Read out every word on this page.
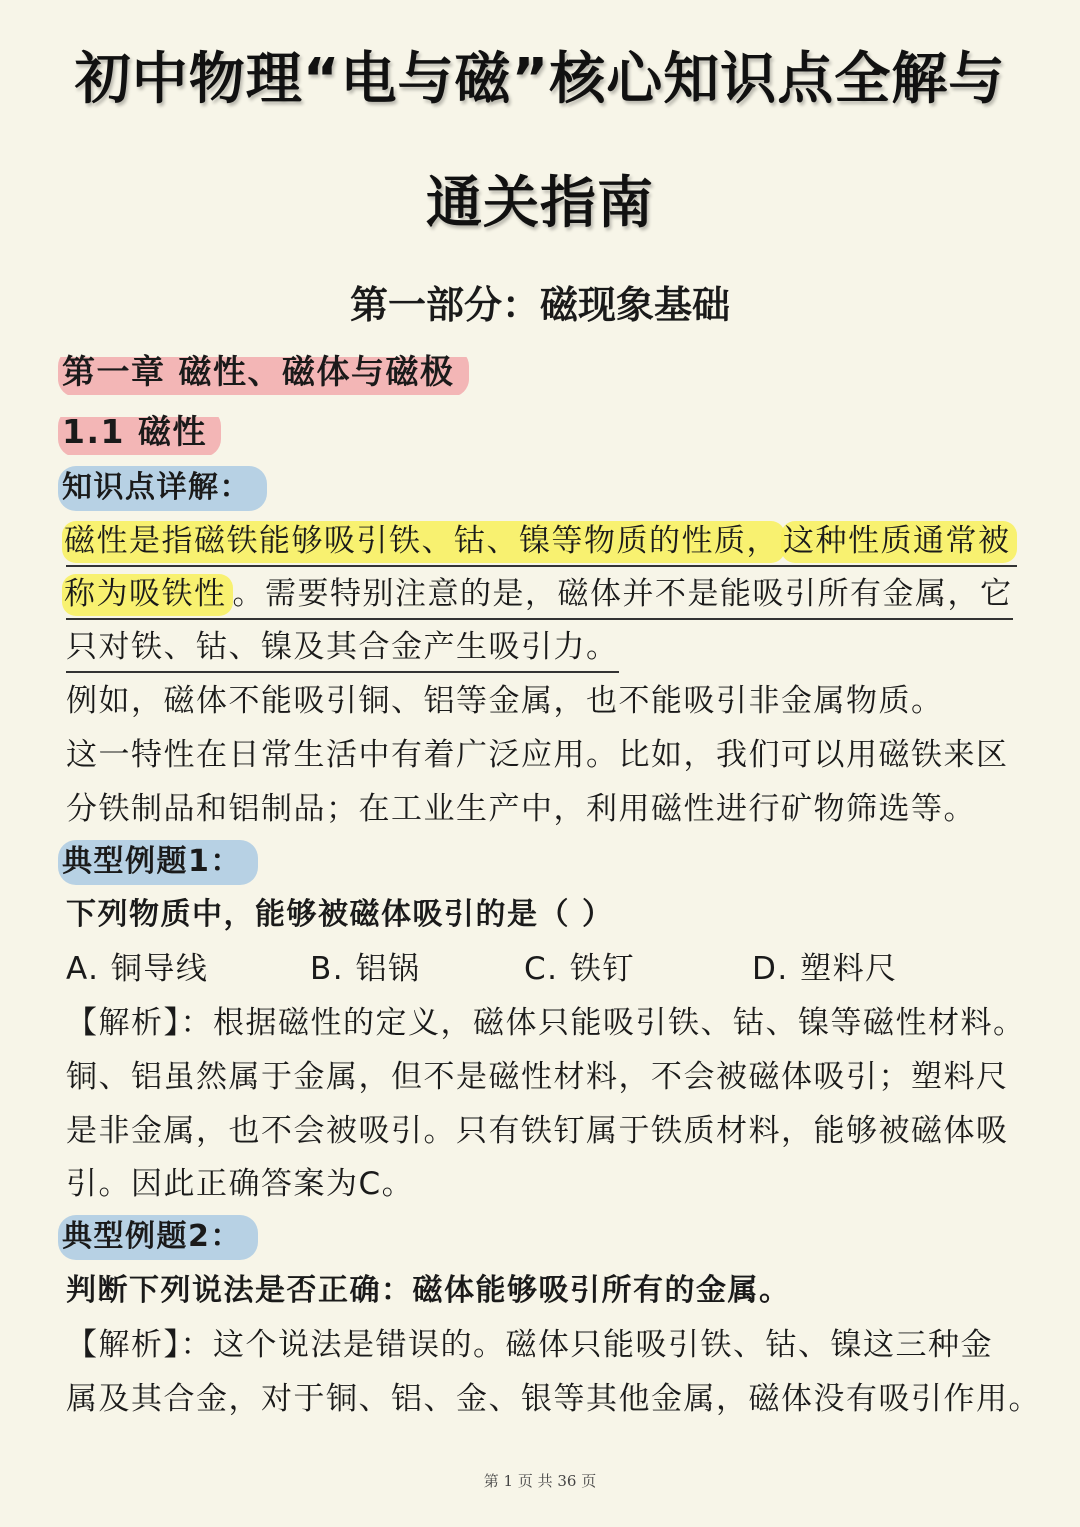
初中物理“电与磁”核心知识点全解与
通关指南
第一部分：磁现象基础

第一章 磁性、磁体与磁极

1.1 磁性

知识点详解：

磁性是指磁铁能够吸引铁、钴、镍等物质的性质， 这种性质通常被

称为吸铁性 。需要特别注意的是，磁体并不是能吸引所有金属，它

只对铁、钴、镍及其合金产生吸引力。

例如，磁体不能吸引铜、铝等金属，也不能吸引非金属物质。

这一特性在日常生活中有着广泛应用。比如，我们可以用磁铁来区

分铁制品和铝制品；在工业生产中，利用磁性进行矿物筛选等。

典型例题1：

下列物质中，能够被磁体吸引的是（ ）

A. 铜导线	B. 铝锅	C. 铁钉	D. 塑料尺

【解析】：根据磁性的定义，磁体只能吸引铁、钴、镍等磁性材料。

铜、铝虽然属于金属，但不是磁性材料，不会被磁体吸引；塑料尺

是非金属，也不会被吸引。只有铁钉属于铁质材料，能够被磁体吸

引。因此正确答案为C。

典型例题2：

判断下列说法是否正确：磁体能够吸引所有的金属。

【解析】：这个说法是错误的。磁体只能吸引铁、钴、镍这三种金

属及其合金，对于铜、铝、金、银等其他金属，磁体没有吸引作用。

第 1 页 共 36 页
